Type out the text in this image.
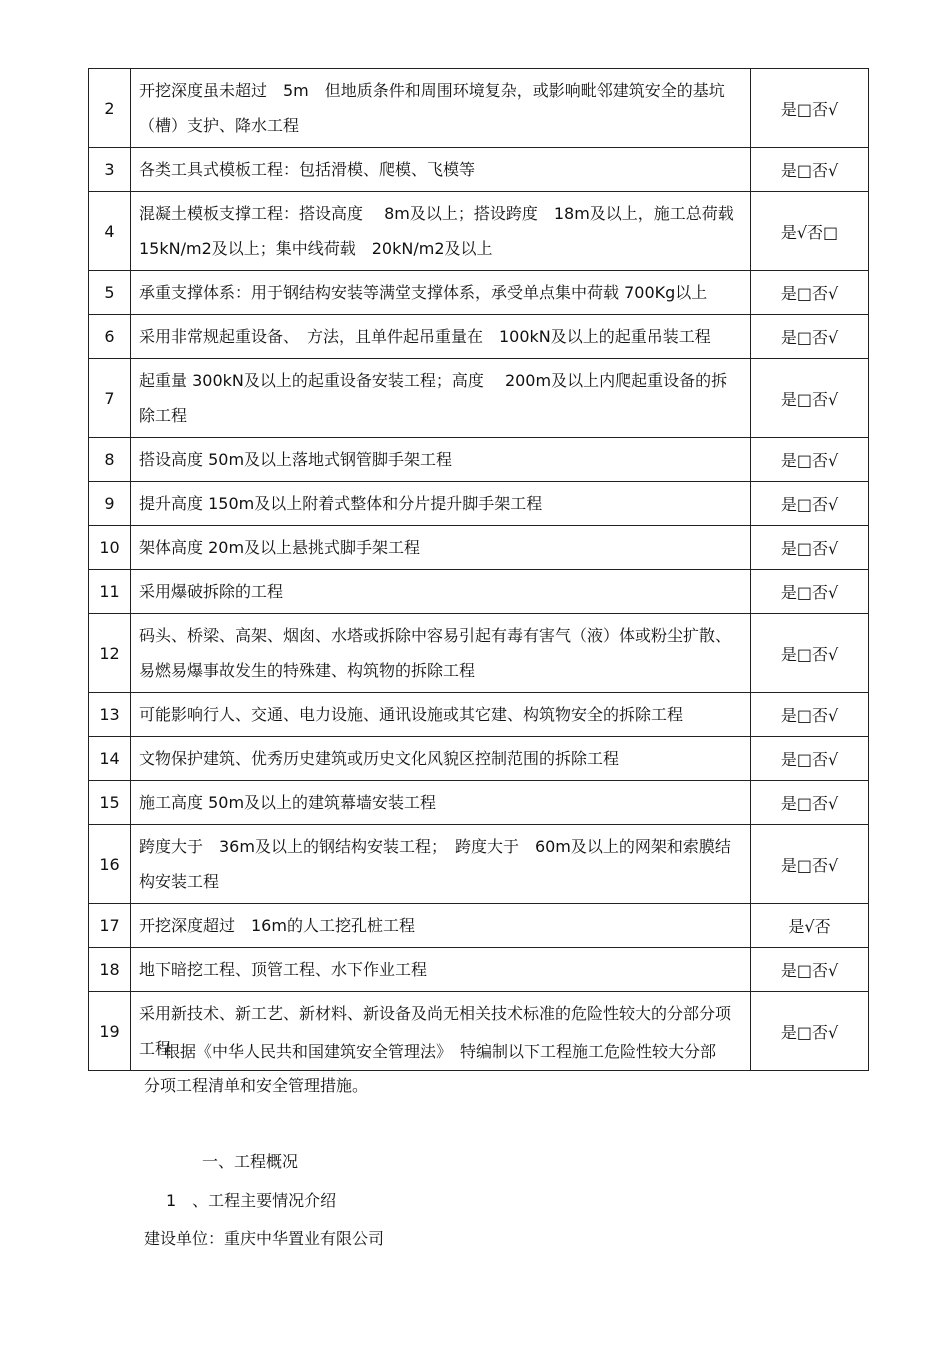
2	开挖深度虽未超过　5m　但地质条件和周围环境复杂，或影响毗邻建筑安全的基坑（槽）支护、降水工程	是□否√
3	各类工具式模板工程：包括滑模、爬模、飞模等	是□否√
4	混凝土模板支撑工程：搭设高度　 8m及以上；搭设跨度　18m及以上，施工总荷载　15kN/m2及以上；集中线荷载　20kN/m2及以上	是√否□
5	承重支撑体系：用于钢结构安装等满堂支撑体系，承受单点集中荷载 700Kg以上	是□否√
6	采用非常规起重设备、　方法，且单件起吊重量在　100kN及以上的起重吊装工程	是□否√
7	起重量 300kN及以上的起重设备安装工程；高度　 200m及以上内爬起重设备的拆除工程	是□否√
8	搭设高度 50m及以上落地式钢管脚手架工程	是□否√
9	提升高度 150m及以上附着式整体和分片提升脚手架工程	是□否√
10	架体高度 20m及以上悬挑式脚手架工程	是□否√
11	采用爆破拆除的工程	是□否√
12	码头、桥梁、高架、烟囱、水塔或拆除中容易引起有毒有害气（液）体或粉尘扩散、易燃易爆事故发生的特殊建、构筑物的拆除工程	是□否√
13	可能影响行人、交通、电力设施、通讯设施或其它建、构筑物安全的拆除工程	是□否√
14	文物保护建筑、优秀历史建筑或历史文化风貌区控制范围的拆除工程	是□否√
15	施工高度 50m及以上的建筑幕墙安装工程	是□否√
16	跨度大于　36m及以上的钢结构安装工程；　跨度大于　60m及以上的网架和索膜结构安装工程	是□否√
17	开挖深度超过　16m的人工挖孔桩工程	是√否
18	地下暗挖工程、顶管工程、水下作业工程	是□否√
19	采用新技术、新工艺、新材料、新设备及尚无相关技术标准的危险性较大的分部分项工程	是□否√
根据《中华人民共和国建筑安全管理法》　特编制以下工程施工危险性较大分部
分项工程清单和安全管理措施。
一、工程概况
1　、工程主要情况介绍
建设单位：重庆中华置业有限公司
